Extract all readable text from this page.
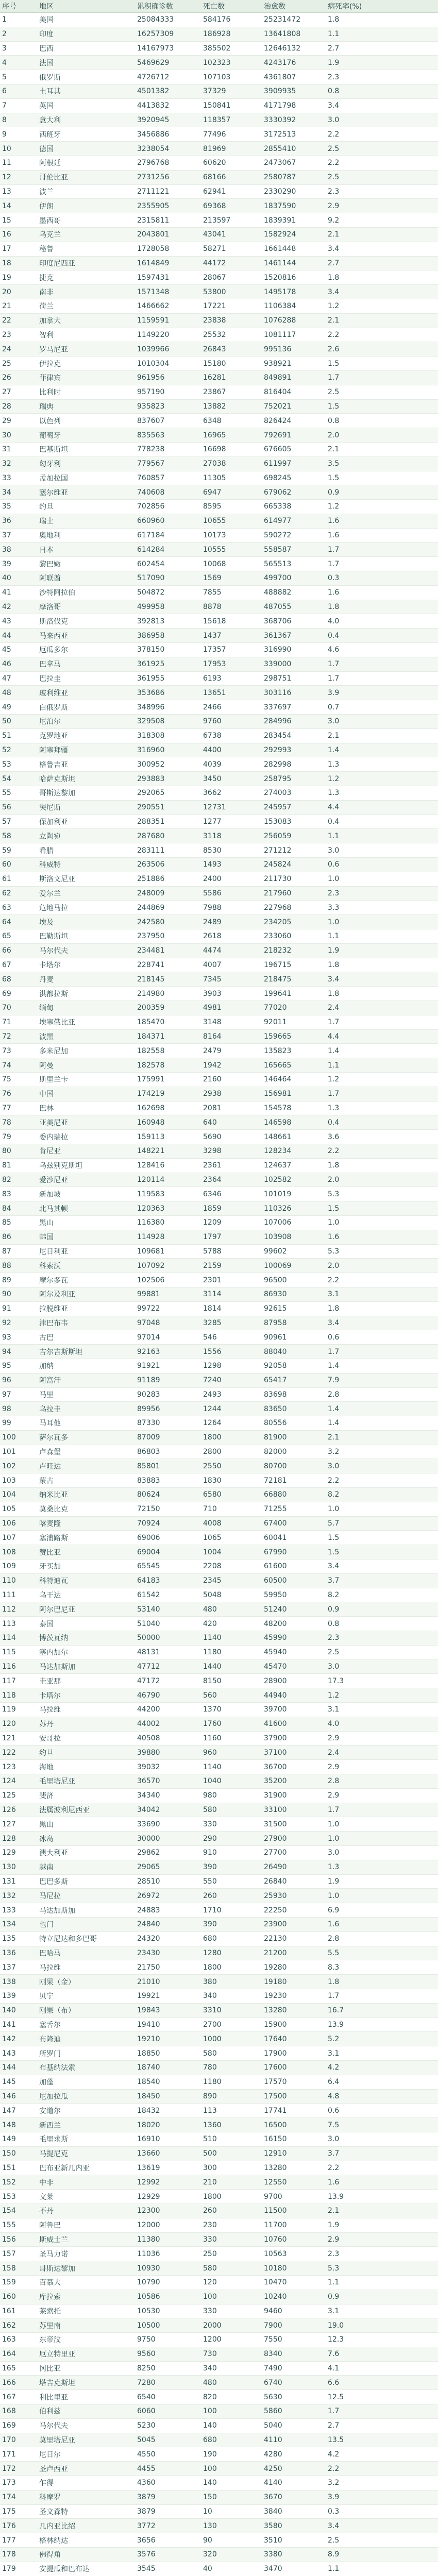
序号	地区	累积确诊数	死亡数	治愈数	病死率(%)
1	美国	25084333	584176	25231472	1.8
2	印度	16257309	186928	13641808	1.1
3	巴西	14167973	385502	12646132	2.7
4	法国	5469629	102323	4243176	1.9
5	俄罗斯	4726712	107103	4361807	2.3
6	土耳其	4501382	37329	3909935	0.8
7	英国	4413832	150841	4171798	3.4
8	意大利	3920945	118357	3330392	3.0
9	西班牙	3456886	77496	3172513	2.2
10	德国	3238054	81969	2855410	2.5
11	阿根廷	2796768	60620	2473067	2.2
12	哥伦比亚	2731256	68166	2580787	2.5
13	波兰	2711121	62941	2330290	2.3
14	伊朗	2355905	69368	1837590	2.9
15	墨西哥	2315811	213597	1839391	9.2
16	乌克兰	2043801	43041	1582924	2.1
17	秘鲁	1728058	58271	1661448	3.4
18	印度尼西亚	1614849	44172	1461144	2.7
19	捷克	1597431	28067	1520816	1.8
20	南非	1571348	53800	1495178	3.4
21	荷兰	1466662	17221	1106384	1.2
22	加拿大	1159591	23838	1076288	2.1
23	智利	1149220	25532	1081117	2.2
24	罗马尼亚	1039966	26843	995136	2.6
25	伊拉克	1010304	15180	938921	1.5
26	菲律宾	961956	16281	849891	1.7
27	比利时	957190	23867	816404	2.5
28	瑞典	935823	13882	752021	1.5
29	以色列	837607	6348	826424	0.8
30	葡萄牙	835563	16965	792691	2.0
31	巴基斯坦	778238	16698	676605	2.1
32	匈牙利	779567	27038	611997	3.5
33	孟加拉国	760857	11305	698245	1.5
34	塞尔维亚	740608	6947	679062	0.9
35	约旦	702856	8595	665338	1.2
36	瑞士	660960	10655	614977	1.6
37	奥地利	617184	10173	590272	1.6
38	日本	614284	10555	558587	1.7
39	黎巴嫩	602454	10068	565513	1.7
40	阿联酋	517090	1569	499700	0.3
41	沙特阿拉伯	504872	7855	488882	1.6
42	摩洛哥	499958	8878	487055	1.8
43	斯洛伐克	392813	15618	368706	4.0
44	马来西亚	386958	1437	361367	0.4
45	厄瓜多尔	378150	17357	316990	4.6
46	巴拿马	361925	17953	339000	1.7
47	巴拉圭	361955	6193	298751	1.7
48	玻利维亚	353686	13651	303116	3.9
49	白俄罗斯	348996	2466	337697	0.7
50	尼泊尔	329508	9760	284996	3.0
51	克罗地亚	318308	6738	283454	2.1
52	阿塞拜疆	316960	4400	292993	1.4
53	格鲁吉亚	300952	4039	282998	1.3
54	哈萨克斯坦	293883	3450	258795	1.2
55	哥斯达黎加	292065	3662	274003	1.3
56	突尼斯	290551	12731	245957	4.4
57	保加利亚	288351	1277	153083	0.4
58	立陶宛	287680	3118	256059	1.1
59	希腊	283111	8530	271212	3.0
60	科威特	263506	1493	245824	0.6
61	斯洛文尼亚	251886	2400	211730	1.0
62	爱尔兰	248009	5586	217960	2.3
63	危地马拉	244869	7988	227968	3.3
64	埃及	242580	2489	234205	1.0
65	巴勒斯坦	237950	2618	233060	1.1
66	马尔代夫	234481	4474	218232	1.9
67	卡塔尔	228741	4007	196715	1.8
68	丹麦	218145	7345	218475	3.4
69	洪都拉斯	214980	3903	199641	1.8
70	缅甸	200359	4981	77020	2.4
71	埃塞俄比亚	185470	3148	92011	1.7
72	波黑	184371	8164	159665	4.4
73	多米尼加	182558	2479	135823	1.4
74	阿曼	182578	1942	165665	1.1
75	斯里兰卡	175991	2160	146464	1.2
76	中国	174219	2938	156981	1.7
77	巴林	162698	2081	154578	1.3
78	亚美尼亚	160948	640	146598	0.4
79	委内瑞拉	159113	5690	148661	3.6
80	肯尼亚	148221	3298	128234	2.2
81	乌兹别克斯坦	128416	2361	124637	1.8
82	爱沙尼亚	120114	2364	102582	2.0
83	新加坡	119583	6346	101019	5.3
84	北马其顿	120363	1859	110326	1.5
85	黑山	116380	1209	107006	1.0
86	韩国	114928	1797	103908	1.6
87	尼日利亚	109681	5788	99602	5.3
88	科索沃	107092	2159	100069	2.0
89	摩尔多瓦	102506	2301	96500	2.2
90	阿尔及利亚	99881	3114	86930	3.1
91	拉脱维亚	99722	1814	92615	1.8
92	津巴布韦	97048	3285	87958	3.4
93	古巴	97014	546	90961	0.6
94	吉尔吉斯斯坦	92163	1556	88040	1.7
95	加纳	91921	1298	92058	1.4
96	阿富汗	91189	7240	65417	7.9
97	马里	90283	2493	83698	2.8
98	乌拉圭	89956	1244	83650	1.4
99	马耳他	87330	1264	80556	1.4
100	萨尔瓦多	87009	1800	81900	2.1
101	卢森堡	86803	2800	82000	3.2
102	卢旺达	85801	2550	80700	3.0
103	蒙古	83883	1830	72181	2.2
104	纳米比亚	80624	6580	66880	8.2
105	莫桑比克	72150	710	71255	1.0
106	喀麦隆	70924	4008	67400	5.7
107	塞浦路斯	69006	1065	60041	1.5
108	赞比亚	69004	1004	67990	1.5
109	牙买加	65545	2208	61600	3.4
110	科特迪瓦	64183	2345	60500	3.7
111	乌干达	61542	5048	59950	8.2
112	阿尔巴尼亚	53140	480	51240	0.9
113	泰国	51040	420	48200	0.8
114	博茨瓦纳	50000	1140	45990	2.3
115	塞内加尔	48131	1180	45940	2.5
116	马达加斯加	47712	1440	45470	3.0
117	圭亚那	47172	8150	28900	17.3
118	卡塔尔	46790	560	44940	1.2
119	马拉维	44200	1370	39700	3.1
120	苏丹	44002	1760	41600	4.0
121	安哥拉	40508	1160	37900	2.9
122	约旦	39880	960	37100	2.4
123	海地	39032	1140	36700	2.9
124	毛里塔尼亚	36570	1040	35200	2.8
125	斐济	34340	980	31900	2.9
126	法属波利尼西亚	34042	580	33100	1.7
127	黑山	33690	330	31500	1.0
128	冰岛	30000	290	27900	1.0
129	澳大利亚	29862	910	27700	3.0
130	越南	29065	390	26490	1.3
131	巴巴多斯	28510	550	26840	1.9
132	马尼拉	26972	260	25930	1.0
133	马达加斯加	24883	1710	22250	6.9
134	也门	24840	390	23900	1.6
135	特立尼达和多巴哥	24320	680	22130	2.8
136	巴哈马	23430	1280	21200	5.5
137	马拉维	21750	1800	19280	8.3
138	刚果（金）	21010	380	19180	1.8
139	贝宁	19921	340	19230	1.7
140	刚果（布）	19843	3310	13280	16.7
141	塞舌尔	19410	2700	15900	13.9
142	布隆迪	19210	1000	17640	5.2
143	所罗门	18850	580	17900	3.1
144	布基纳法索	18740	780	17600	4.2
145	加蓬	18540	1180	17570	6.4
146	尼加拉瓜	18450	890	17500	4.8
147	安道尔	18432	113	17741	0.6
148	新西兰	18020	1360	16500	7.5
149	毛里求斯	16910	510	16150	3.0
150	马提尼克	13660	500	12910	3.7
151	巴布亚新几内亚	13619	300	13280	2.2
152	中非	12992	210	12550	1.6
153	文莱	12929	1800	9700	13.9
154	不丹	12300	260	11500	2.1
155	阿鲁巴	12000	230	11700	1.9
156	斯威士兰	11380	330	10760	2.9
157	圣马力诺	11036	250	10563	2.3
158	哥斯达黎加	10930	580	10180	5.3
159	百慕大	10790	120	10470	1.1
160	库拉索	10586	100	10240	0.9
161	莱索托	10530	330	9460	3.1
162	苏里南	10500	2000	7900	19.0
163	东帝汶	9750	1200	7550	12.3
164	厄立特里亚	9560	730	8340	7.6
165	冈比亚	8250	340	7490	4.1
166	塔吉克斯坦	7280	480	6740	6.6
167	利比里亚	6540	820	5630	12.5
168	伯利兹	6060	100	5860	1.7
169	马尔代夫	5230	140	5040	2.7
170	莫里塔尼亚	5045	680	4110	13.5
171	尼日尔	4550	190	4280	4.2
172	圣卢西亚	4455	100	4250	2.2
173	乍得	4360	140	4140	3.2
174	科摩罗	3879	150	3670	3.9
175	圣文森特	3879	10	3840	0.3
176	几内亚比绍	3772	130	3580	3.4
177	格林纳达	3656	90	3510	2.5
178	佛得角	3576	320	3380	8.9
179	安提瓜和巴布达	3545	40	3470	1.1
